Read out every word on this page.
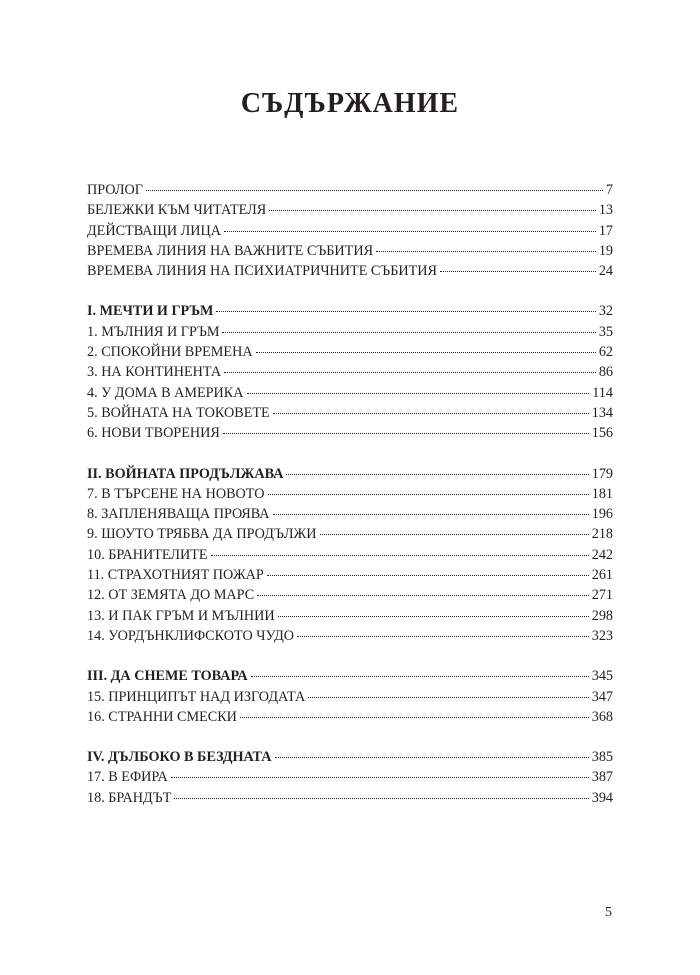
СЪДЪРЖАНИЕ
ПРОЛОГ	7
БЕЛЕЖКИ КЪМ ЧИТАТЕЛЯ	13
ДЕЙСТВАЩИ ЛИЦА	17
ВРЕМЕВА ЛИНИЯ НА ВАЖНИТЕ СЪБИТИЯ	19
ВРЕМЕВА ЛИНИЯ НА ПСИХИАТРИЧНИТЕ СЪБИТИЯ	24
I. МЕЧТИ И ГРЪМ	32
1. МЪЛНИЯ И ГРЪМ	35
2. СПОКОЙНИ ВРЕМЕНА	62
3. НА КОНТИНЕНТА	86
4. У ДОМА В АМЕРИКА	114
5. ВОЙНАТА НА ТОКОВЕТЕ	134
6. НОВИ ТВОРЕНИЯ	156
II. ВОЙНАТА ПРОДЪЛЖАВА	179
7. В ТЪРСЕНЕ НА НОВОТО	181
8. ЗАПЛЕНЯВАЩА ПРОЯВА	196
9. ШОУТО ТРЯБВА ДА ПРОДЪЛЖИ	218
10. БРАНИТЕЛИТЕ	242
11. СТРАХОТНИЯТ ПОЖАР	261
12. ОТ ЗЕМЯТА ДО МАРС	271
13. И ПАК ГРЪМ И МЪЛНИИ	298
14. УОРДЪНКЛИФСКОТО ЧУДО	323
III. ДА СНЕМЕ ТОВАРА	345
15. ПРИНЦИПЪТ НАД ИЗГОДАТА	347
16. СТРАННИ СМЕСКИ	368
IV. ДЪЛБОКО В БЕЗДНАТА	385
17. В ЕФИРА	387
18. БРАНДЪТ	394
5
